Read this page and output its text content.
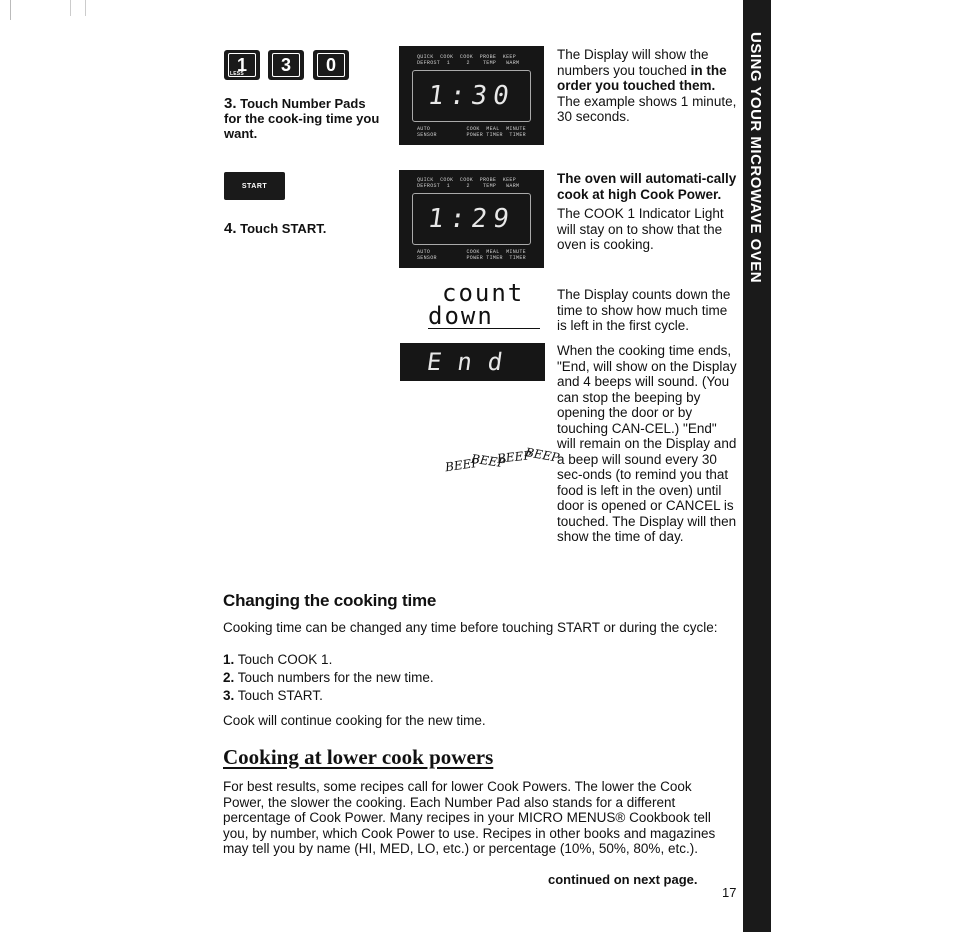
1
LESS 3 0
3. Touch Number Pads for the cook-ing time you want.
START
4. Touch START.
QUICK  COOK  COOK  PROBE  KEEP
DEFROST  1     2    TEMP   WARM
1:30
AUTO           COOK  MEAL  MINUTE
SENSOR         POWER TIMER  TIMER
QUICK  COOK  COOK  PROBE  KEEP
DEFROST  1     2    TEMP   WARM
1:29
AUTO           COOK  MEAL  MINUTE
SENSOR         POWER TIMER  TIMER
count
down
End
BEEP
BEEP
BEEP
BEEP
The Display will show the numbers you touched in the order you touched them. The example shows 1 minute, 30 seconds.
The oven will automati-cally cook at high Cook Power.
The COOK 1 Indicator Light will stay on to show that the oven is cooking.
The Display counts down the time to show how much time is left in the first cycle.
When the cooking time ends, "End, will show on the Display and 4 beeps will sound. (You can stop the beeping by opening the door or by touching CAN-CEL.) "End" will remain on the Display and a beep will sound every 30 sec-onds (to remind you that food is left in the oven) until door is opened or CANCEL is touched. The Display will then show the time of day.
Changing the cooking time
Cooking time can be changed any time before touching START or during the cycle:
1. Touch COOK 1.
2. Touch numbers for the new time.
3. Touch START.
Cook will continue cooking for the new time.
Cooking at lower cook powers
For best results, some recipes call for lower Cook Powers. The lower the Cook Power, the slower the cooking. Each Number Pad also stands for a different percentage of Cook Power. Many recipes in your MICRO MENUS® Cookbook tell you, by number, which Cook Power to use. Recipes in other books and magazines may tell you by name (HI, MED, LO, etc.) or percentage (10%, 50%, 80%, etc.).
continued on next page.
17
USING YOUR MICROWAVE OVEN
